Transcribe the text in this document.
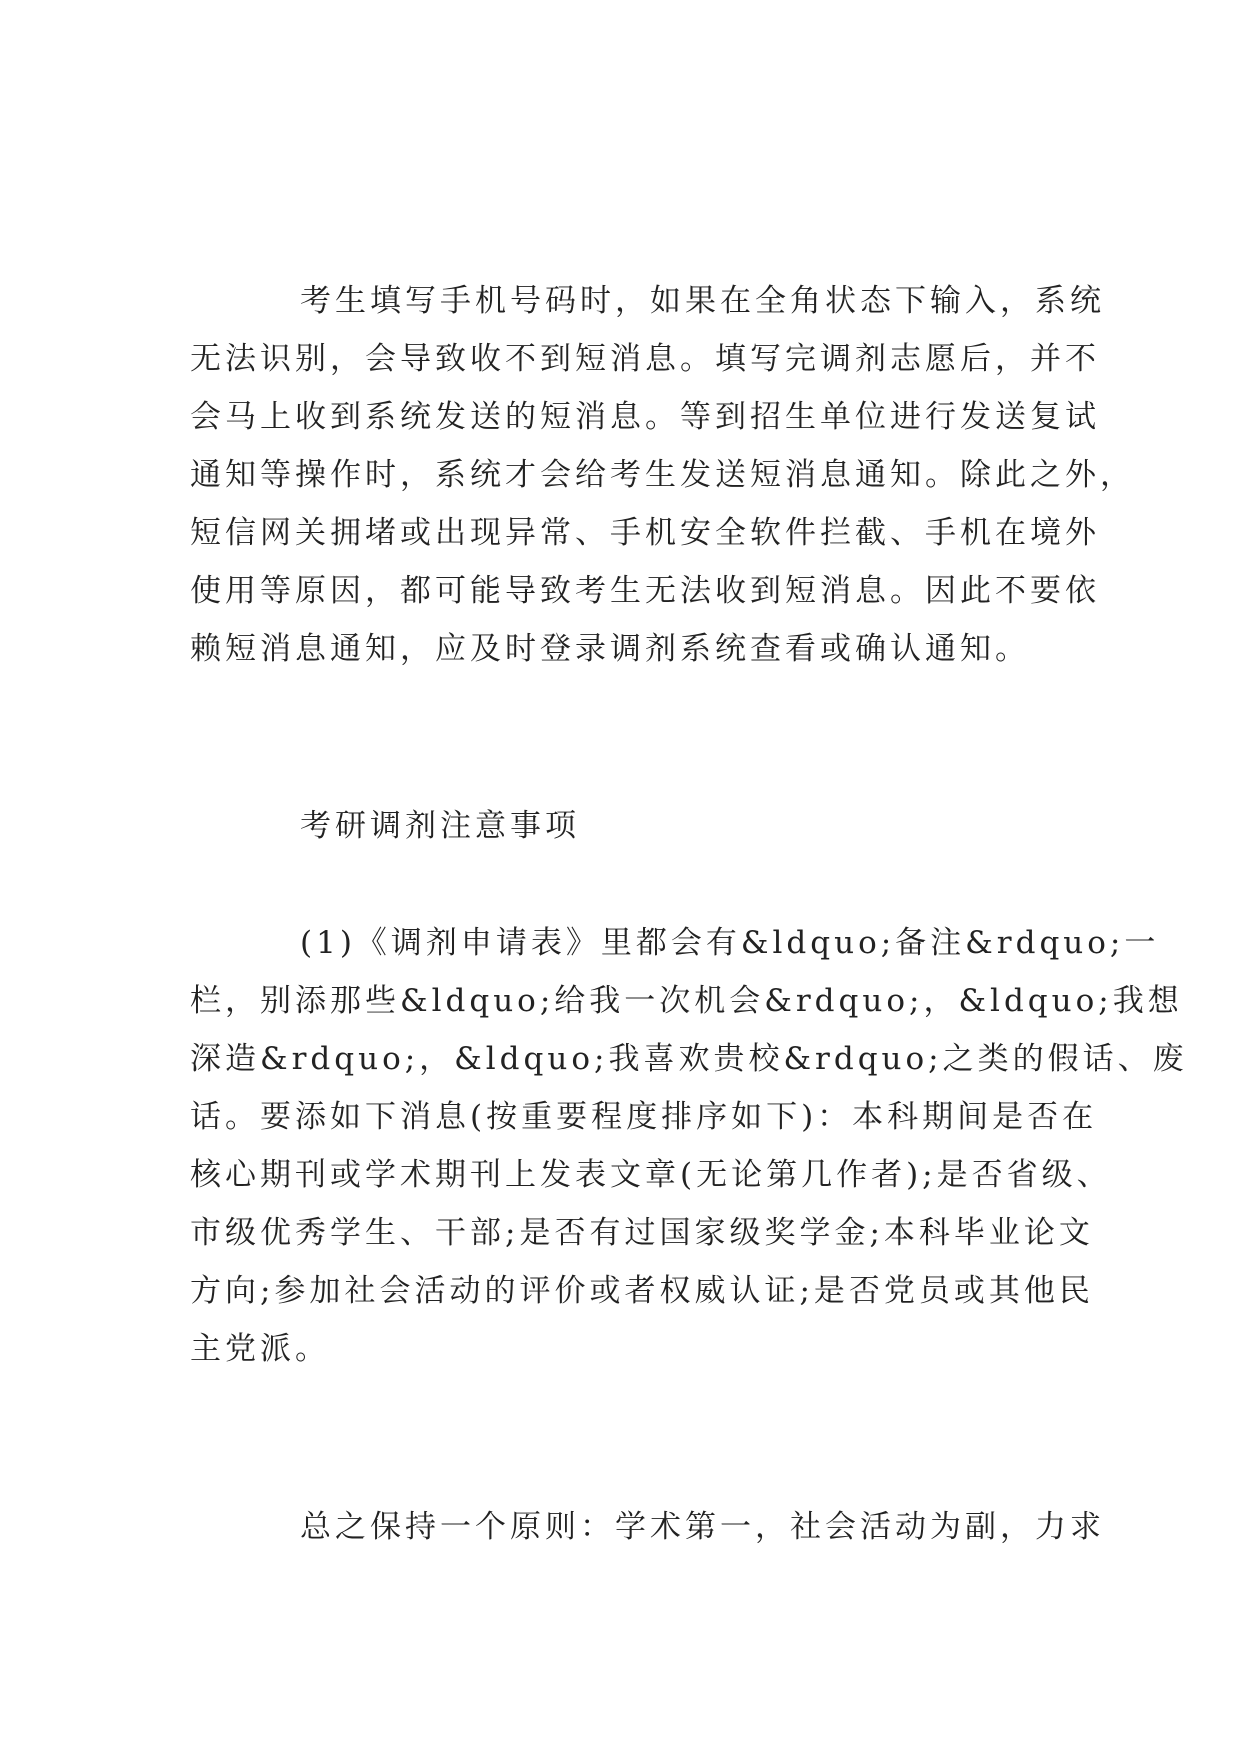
考生填写手机号码时，如果在全角状态下输入，系统
无法识别，会导致收不到短消息。填写完调剂志愿后，并不
会马上收到系统发送的短消息。等到招生单位进行发送复试
通知等操作时，系统才会给考生发送短消息通知。除此之外，
短信网关拥堵或出现异常、手机安全软件拦截、手机在境外
使用等原因，都可能导致考生无法收到短消息。因此不要依
赖短消息通知，应及时登录调剂系统查看或确认通知。
考研调剂注意事项
(1)《调剂申请表》里都会有&ldquo;备注&rdquo;一
栏，别添那些&ldquo;给我一次机会&rdquo;，&ldquo;我想
深造&rdquo;，&ldquo;我喜欢贵校&rdquo;之类的假话、废
话。要添如下消息(按重要程度排序如下)：本科期间是否在
核心期刊或学术期刊上发表文章(无论第几作者);是否省级、
市级优秀学生、干部;是否有过国家级奖学金;本科毕业论文
方向;参加社会活动的评价或者权威认证;是否党员或其他民
主党派。
总之保持一个原则：学术第一，社会活动为副，力求
